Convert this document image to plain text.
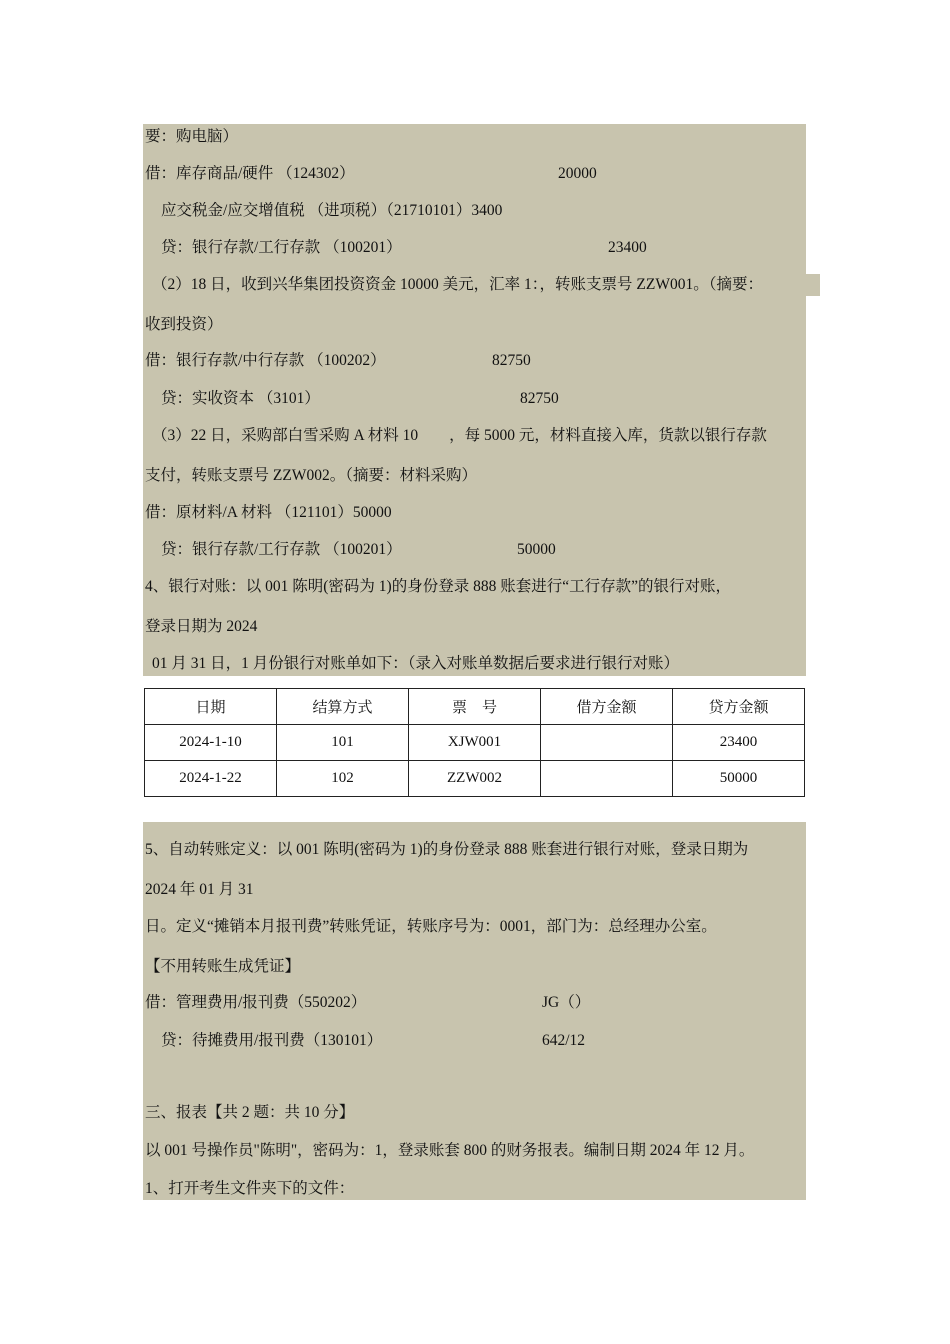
要：购电脑）
借：库存商品/硬件 （124302）	20000
应交税金/应交增值税 （进项税）（21710101）3400
贷：银行存款/工行存款 （100201）	23400
（2）18 日，收到兴华集团投资资金 10000 美元，汇率 1：，转账支票号 ZZW001。（摘要：
收到投资）
借：银行存款/中行存款 （100202）	82750
贷：实收资本 （3101）	82750
（3）22 日，采购部白雪采购 A 材料 10　　，每 5000 元，材料直接入库，货款以银行存款
支付，转账支票号 ZZW002。（摘要：材料采购）
借：原材料/A 材料 （121101）50000
贷：银行存款/工行存款 （100201）	50000
4、银行对账：以 001 陈明(密码为 1)的身份登录 888 账套进行“工行存款”的银行对账，
登录日期为 2024
01 月 31 日，1 月份银行对账单如下：（录入对账单数据后要求进行银行对账）
日期	结算方式	票　号	借方金额	贷方金额
2024-1-10	101	XJW001		23400
2024-1-22	102	ZZW002		50000
5、自动转账定义：以 001 陈明(密码为 1)的身份登录 888 账套进行银行对账，登录日期为
2024 年 01 月 31
日。定义“摊销本月报刊费”转账凭证，转账序号为：0001，部门为：总经理办公室。
【不用转账生成凭证】
借：管理费用/报刊费（550202）	JG（）
贷：待摊费用/报刊费（130101）	642/12
三、报表【共 2 题：共 10 分】
以 001 号操作员"陈明"，密码为：1，登录账套 800 的财务报表。编制日期 2024 年 12 月。
1、打开考生文件夹下的文件：
